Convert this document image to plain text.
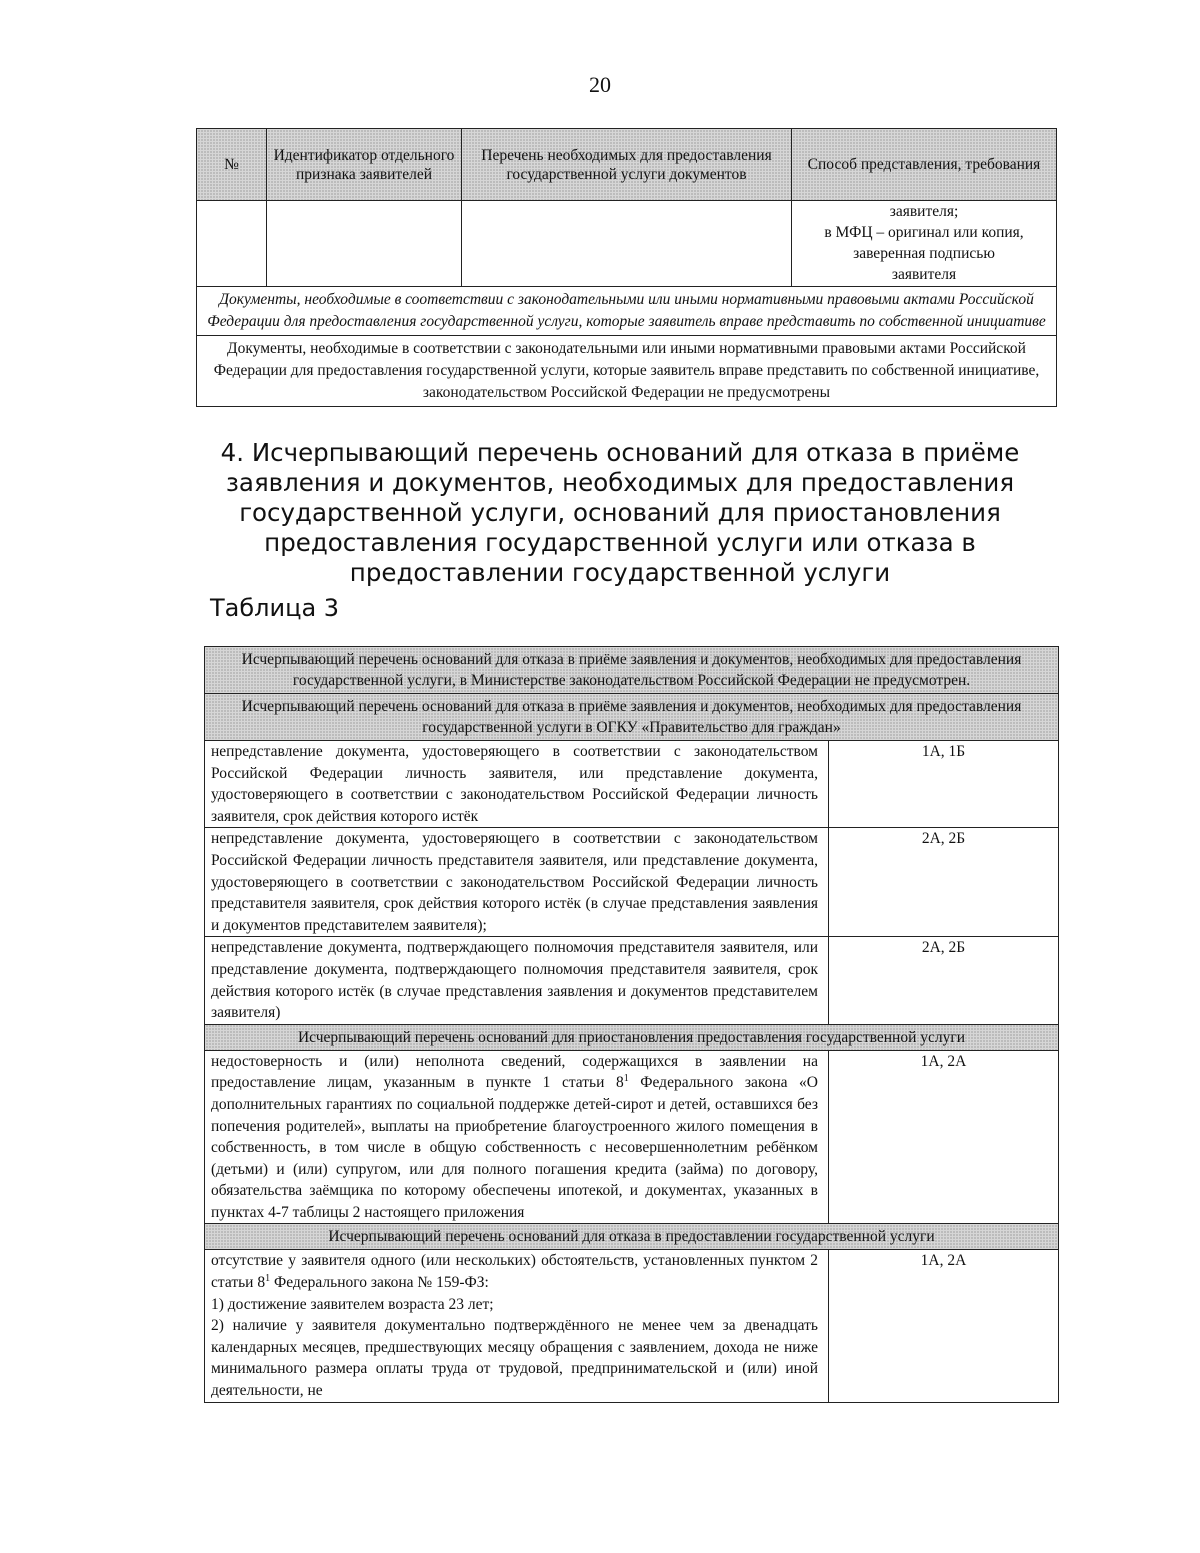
20
№	Идентификатор отдельного признака заявителей	Перечень необходимых для предоставления государственной услуги документов	Способ представления, требования

			заявителя;
в МФЦ – оригинал или копия,
заверенная подписью
заявителя

Документы, необходимые в соответствии с законодательными или иными нормативными правовыми актами Российской Федерации для предоставления государственной услуги, которые заявитель вправе представить по собственной инициативе			
Документы, необходимые в соответствии с законодательными или иными нормативными правовыми актами Российской Федерации для предоставления государственной услуги, которые заявитель вправе представить по собственной инициативе, законодательством Российской Федерации не предусмотрены			
4. Исчерпывающий перечень оснований для отказа в приёме заявления и документов, необходимых для предоставления государственной услуги, оснований для приостановления предоставления государственной услуги или отказа в предоставлении государственной услуги
Таблица 3
Исчерпывающий перечень оснований для отказа в приёме заявления и документов, необходимых для предоставления государственной услуги, в Министерстве законодательством Российской Федерации не предусмотрен.	
Исчерпывающий перечень оснований для отказа в приёме заявления и документов, необходимых для предоставления государственной услуги в ОГКУ «Правительство для граждан»	
непредставление документа, удостоверяющего в соответствии с законодательством Российской Федерации личность заявителя, или представление документа, удостоверяющего в соответствии с законодательством Российской Федерации личность заявителя, срок действия которого истёк	1А, 1Б
непредставление документа, удостоверяющего в соответствии с законодательством Российской Федерации личность представителя заявителя, или представление документа, удостоверяющего в соответствии с законодательством Российской Федерации личность представителя заявителя, срок действия которого истёк (в случае представления заявления и документов представителем заявителя);	2А, 2Б
непредставление документа, подтверждающего полномочия представителя заявителя, или представление документа, подтверждающего полномочия представителя заявителя, срок действия которого истёк (в случае представления заявления и документов представителем заявителя)	2А, 2Б
Исчерпывающий перечень оснований для приостановления предоставления государственной услуги	
недостоверность и (или) неполнота сведений, содержащихся в заявлении на предоставление лицам, указанным в пункте 1 статьи $8^1$ Федерального закона «О дополнительных гарантиях по социальной поддержке детей-сирот и детей, оставшихся без попечения родителей», выплаты на приобретение благоустроенного жилого помещения в собственность, в том числе в общую собственность с несовершеннолетним ребёнком (детьми) и (или) супругом, или для полного погашения кредита (займа) по договору, обязательства заёмщика по которому обеспечены ипотекой, и документах, указанных в пунктах 4-7 таблицы 2 настоящего приложения	1А, 2А
Исчерпывающий перечень оснований для отказа в предоставлении государственной услуги	

отсутствие у заявителя одного (или нескольких) обстоятельств, установленных пунктом 2 статьи $8^1$ Федерального закона № 159-ФЗ:
1) достижение заявителем возраста 23 лет;
2) наличие у заявителя документально подтверждённого не менее чем за двенадцать календарных месяцев, предшествующих месяцу обращения с заявлением, дохода не ниже минимального размера оплаты труда от трудовой, предпринимательской и (или) иной деятельности, не	1А, 2А
